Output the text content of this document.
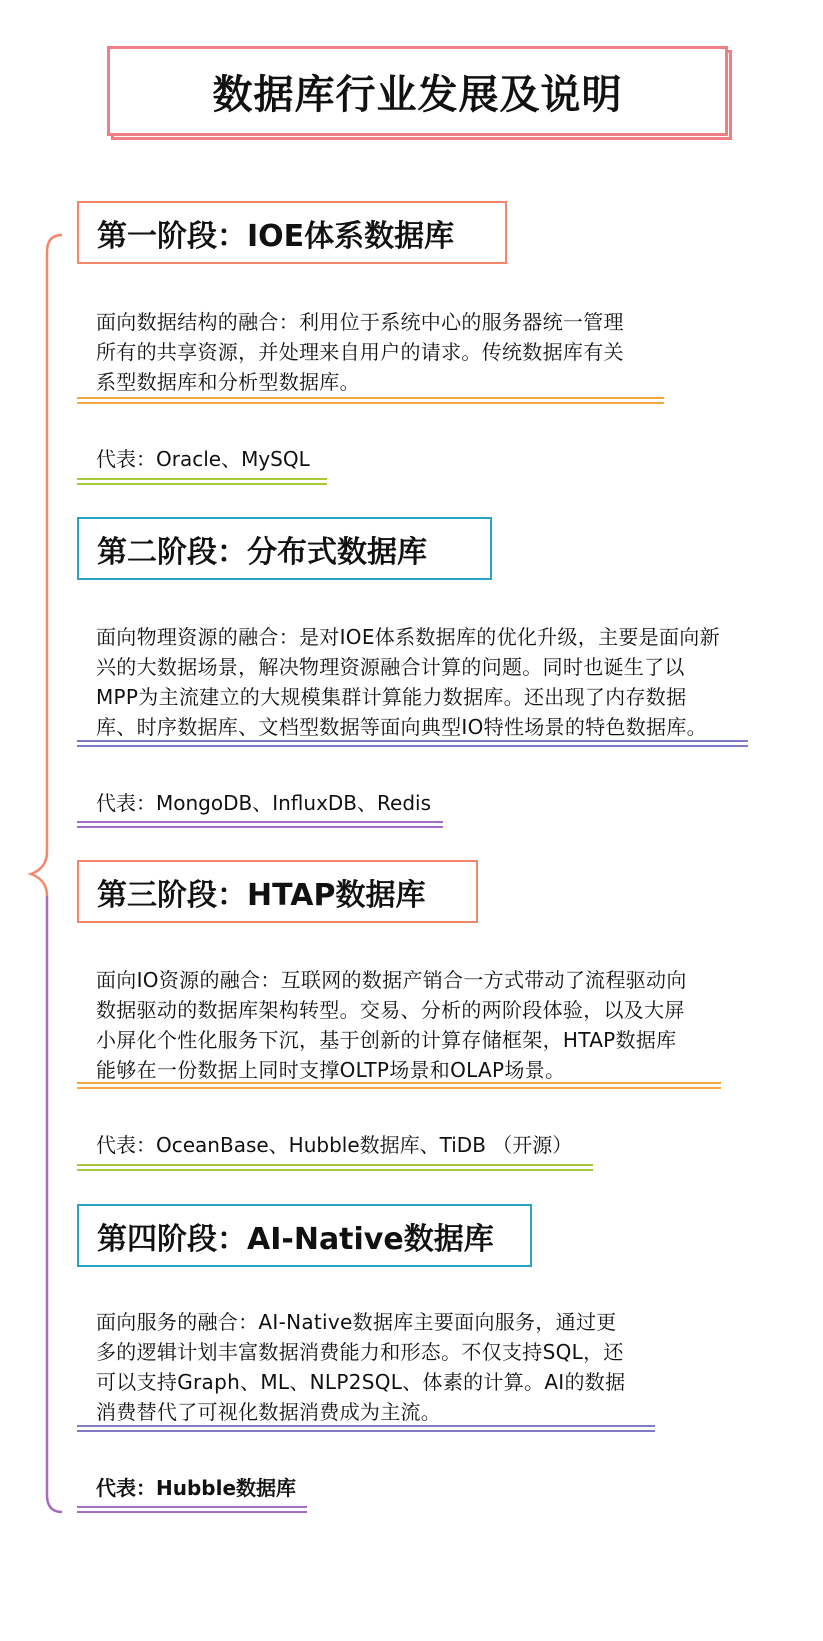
数据库行业发展及说明
第一阶段：IOE体系数据库
面向数据结构的融合：利用位于系统中心的服务器统一管理
所有的共享资源，并处理来自用户的请求。传统数据库有关
系型数据库和分析型数据库。
代表：Oracle、MySQL
第二阶段：分布式数据库
面向物理资源的融合：是对IOE体系数据库的优化升级，主要是面向新
兴的大数据场景，解决物理资源融合计算的问题。同时也诞生了以
MPP为主流建立的大规模集群计算能力数据库。还出现了内存数据
库、时序数据库、文档型数据等面向典型IO特性场景的特色数据库。
代表：MongoDB、InfluxDB、Redis
第三阶段：HTAP数据库
面向IO资源的融合：互联网的数据产销合一方式带动了流程驱动向
数据驱动的数据库架构转型。交易、分析的两阶段体验，以及大屏
小屏化个性化服务下沉，基于创新的计算存储框架，HTAP数据库
能够在一份数据上同时支撑OLTP场景和OLAP场景。
代表：OceanBase、Hubble数据库、TiDB （开源）
第四阶段：AI-Native数据库
面向服务的融合：AI-Native数据库主要面向服务，通过更
多的逻辑计划丰富数据消费能力和形态。不仅支持SQL，还
可以支持Graph、ML、NLP2SQL、体素的计算。AI的数据
消费替代了可视化数据消费成为主流。
代表：Hubble数据库
